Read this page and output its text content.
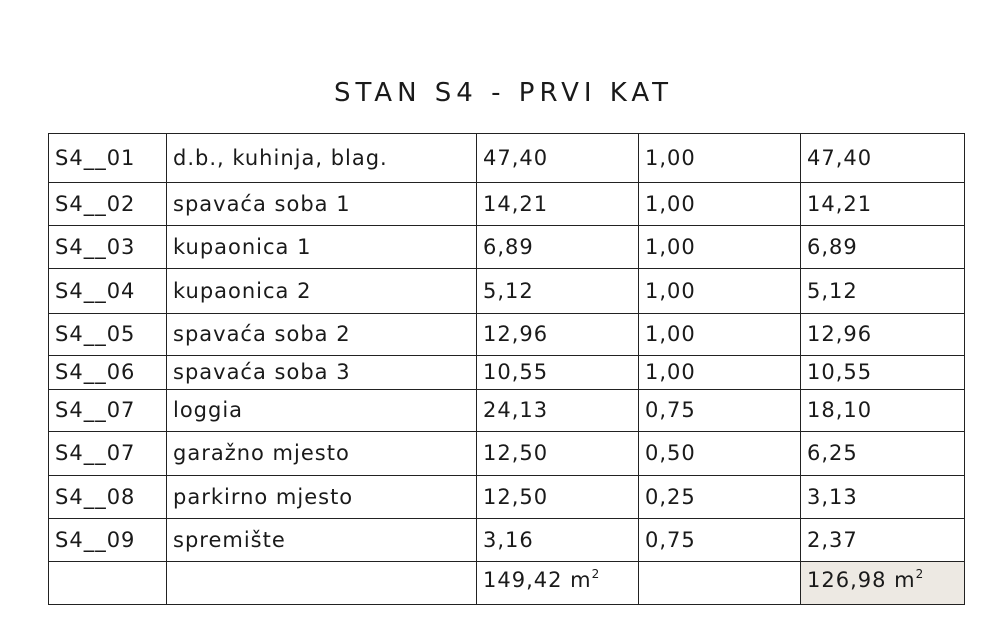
STAN S4 - PRVI KAT
S4__01	d.b., kuhinja, blag.	47,40	1,00	47,40
S4__02	spavaća soba 1	14,21	1,00	14,21
S4__03	kupaonica 1	6,89	1,00	6,89
S4__04	kupaonica 2	5,12	1,00	5,12
S4__05	spavaća soba 2	12,96	1,00	12,96
S4__06	spavaća soba 3	10,55	1,00	10,55
S4__07	loggia	24,13	0,75	18,10
S4__07	garažno mjesto	12,50	0,50	6,25
S4__08	parkirno mjesto	12,50	0,25	3,13
S4__09	spremište	3,16	0,75	2,37
		149,42 $m^2$		126,98 $m^2$
